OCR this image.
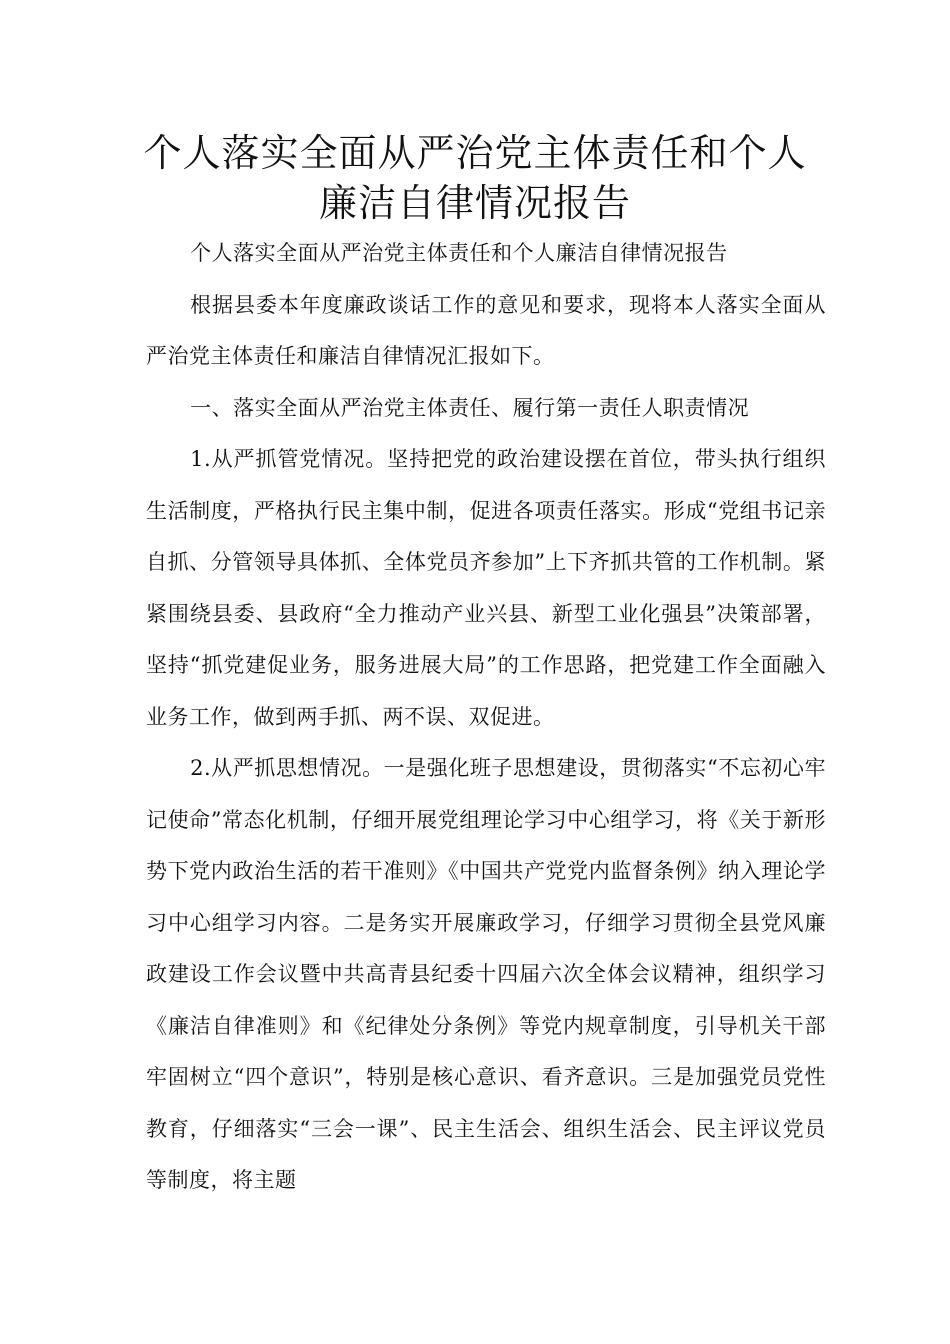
个人落实全面从严治党主体责任和个人廉洁自律情况报告

个人落实全面从严治党主体责任和个人廉洁自律情况报告

根据县委本年度廉政谈话工作的意见和要求，现将本人落实全面从严治党主体责任和廉洁自律情况汇报如下。

一、落实全面从严治党主体责任、履行第一责任人职责情况

1.从严抓管党情况。坚持把党的政治建设摆在首位，带头执行组织生活制度，严格执行民主集中制，促进各项责任落实。形成“党组书记亲自抓、分管领导具体抓、全体党员齐参加”上下齐抓共管的工作机制。紧紧围绕县委、县政府“全力推动产业兴县、新型工业化强县”决策部署，坚持“抓党建促业务，服务进展大局”的工作思路，把党建工作全面融入业务工作，做到两手抓、两不误、双促进。

2.从严抓思想情况。一是强化班子思想建设，贯彻落实“不忘初心牢记使命”常态化机制，仔细开展党组理论学习中心组学习，将《关于新形势下党内政治生活的若干准则》《中国共产党党内监督条例》纳入理论学习中心组学习内容。二是务实开展廉政学习，仔细学习贯彻全县党风廉政建设工作会议暨中共高青县纪委十四届六次全体会议精神，组织学习《廉洁自律准则》和《纪律处分条例》等党内规章制度，引导机关干部牢固树立“四个意识”，特别是核心意识、看齐意识。三是加强党员党性教育，仔细落实“三会一课”、民主生活会、组织生活会、民主评议党员等制度，将主题
